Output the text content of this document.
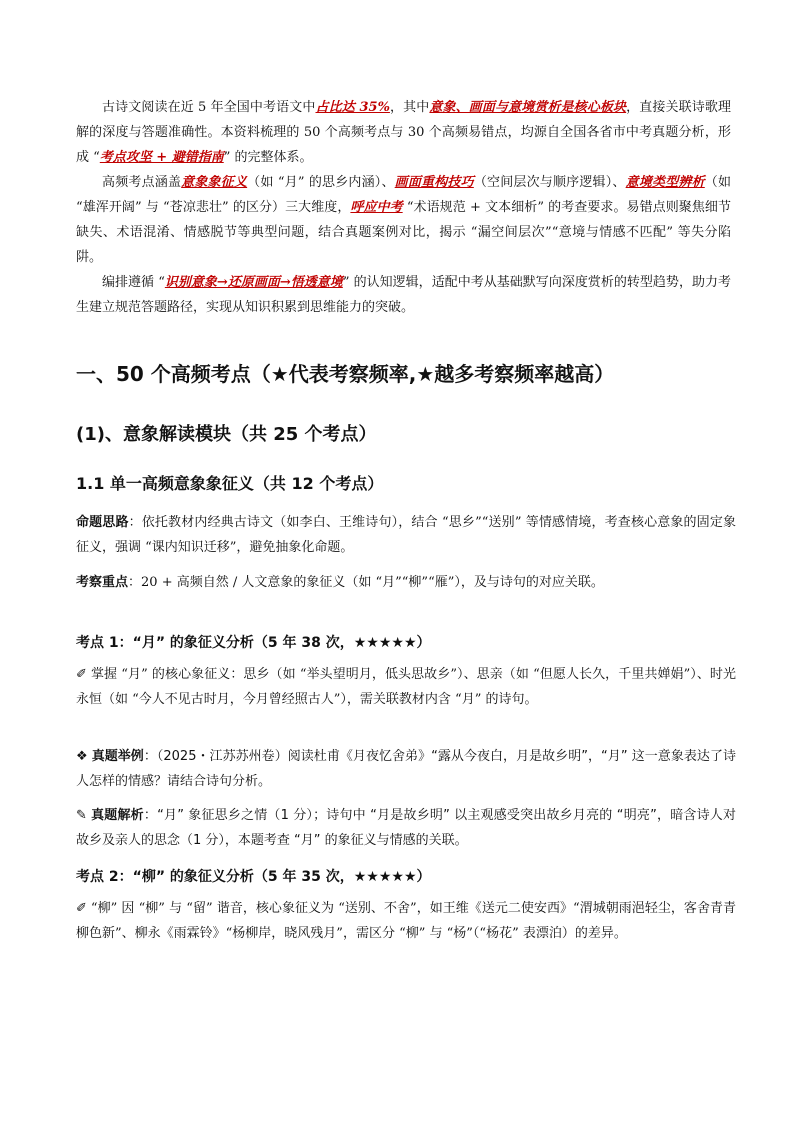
古诗文阅读在近 5 年全国中考语文中占比达 35%，其中意象、画面与意境赏析是核心板块，直接关联诗歌理解的深度与答题准确性。本资料梳理的 50 个高频考点与 30 个高频易错点，均源自全国各省市中考真题分析，形成 “考点攻坚 + 避错指南” 的完整体系。

高频考点涵盖意象象征义（如 “月” 的思乡内涵）、画面重构技巧（空间层次与顺序逻辑）、意境类型辨析（如 “雄浑开阔” 与 “苍凉悲壮” 的区分）三大维度，呼应中考 “术语规范 + 文本细析” 的考查要求。易错点则聚焦细节缺失、术语混淆、情感脱节等典型问题，结合真题案例对比，揭示 “漏空间层次”“意境与情感不匹配” 等失分陷阱。

编排遵循 “识别意象→还原画面→悟透意境” 的认知逻辑，适配中考从基础默写向深度赏析的转型趋势，助力考生建立规范答题路径，实现从知识积累到思维能力的突破。

一、50 个高频考点（★代表考察频率,★越多考察频率越高）
(1)、意象解读模块（共 25 个考点）
1.1 单一高频意象象征义（共 12 个考点）

命题思路：依托教材内经典古诗文（如李白、王维诗句），结合 “思乡”“送别” 等情感情境，考查核心意象的固定象征义，强调 “课内知识迁移”，避免抽象化命题。

考察重点：20 + 高频自然 / 人文意象的象征义（如 “月”“柳”“雁”），及与诗句的对应关联。

考点 1：“月” 的象征义分析（5 年 38 次，★★★★★）

✐ 掌握 “月” 的核心象征义：思乡（如 “举头望明月，低头思故乡”）、思亲（如 “但愿人长久，千里共婵娟”）、时光永恒（如 “今人不见古时月，今月曾经照古人”），需关联教材内含 “月” 的诗句。

❖ 真题举例：（2025・江苏苏州卷）阅读杜甫《月夜忆舍弟》“露从今夜白，月是故乡明”，“月” 这一意象表达了诗人怎样的情感？请结合诗句分析。

✎ 真题解析：“月” 象征思乡之情（1 分）；诗句中 “月是故乡明” 以主观感受突出故乡月亮的 “明亮”，暗含诗人对故乡及亲人的思念（1 分），本题考查 “月” 的象征义与情感的关联。

考点 2：“柳” 的象征义分析（5 年 35 次，★★★★★）

✐ “柳” 因 “柳” 与 “留” 谐音，核心象征义为 “送别、不舍”，如王维《送元二使安西》“渭城朝雨浥轻尘，客舍青青柳色新”、柳永《雨霖铃》“杨柳岸，晓风残月”，需区分 “柳” 与 “杨”（“杨花” 表漂泊）的差异。
